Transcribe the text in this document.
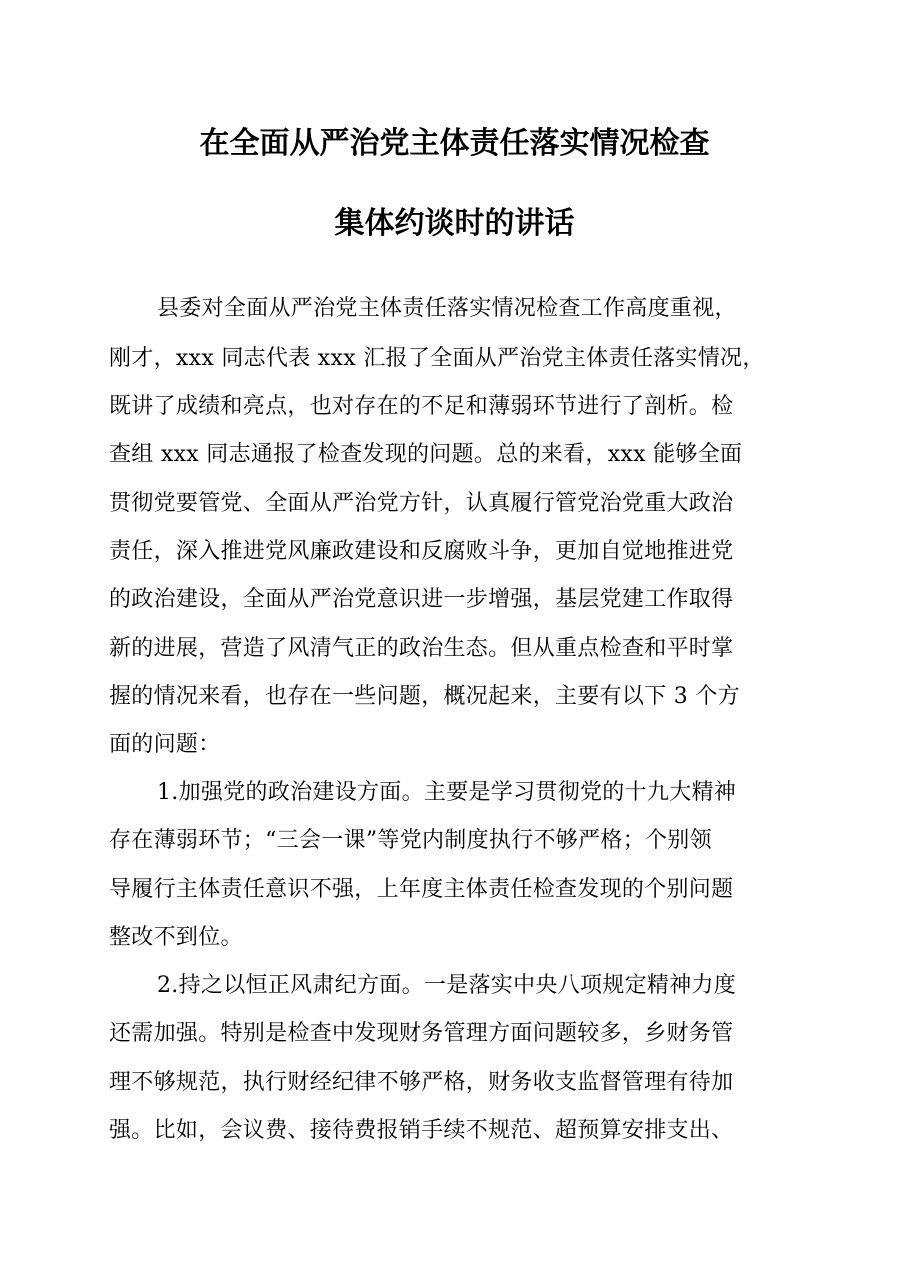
在全面从严治党主体责任落实情况检查
集体约谈时的讲话
县委对全面从严治党主体责任落实情况检查工作高度重视，
刚才，xxx 同志代表 xxx 汇报了全面从严治党主体责任落实情况，
既讲了成绩和亮点，也对存在的不足和薄弱环节进行了剖析。检
查组 xxx 同志通报了检查发现的问题。总的来看，xxx 能够全面
贯彻党要管党、全面从严治党方针，认真履行管党治党重大政治
责任，深入推进党风廉政建设和反腐败斗争，更加自觉地推进党
的政治建设，全面从严治党意识进一步增强，基层党建工作取得
新的进展，营造了风清气正的政治生态。但从重点检查和平时掌
握的情况来看，也存在一些问题，概况起来，主要有以下 3 个方
面的问题：
1.加强党的政治建设方面。主要是学习贯彻党的十九大精神
存在薄弱环节；“三会一课”等党内制度执行不够严格；个别领
导履行主体责任意识不强，上年度主体责任检查发现的个别问题
整改不到位。
2.持之以恒正风肃纪方面。一是落实中央八项规定精神力度
还需加强。特别是检查中发现财务管理方面问题较多，乡财务管
理不够规范，执行财经纪律不够严格，财务收支监督管理有待加
强。比如，会议费、接待费报销手续不规范、超预算安排支出、
